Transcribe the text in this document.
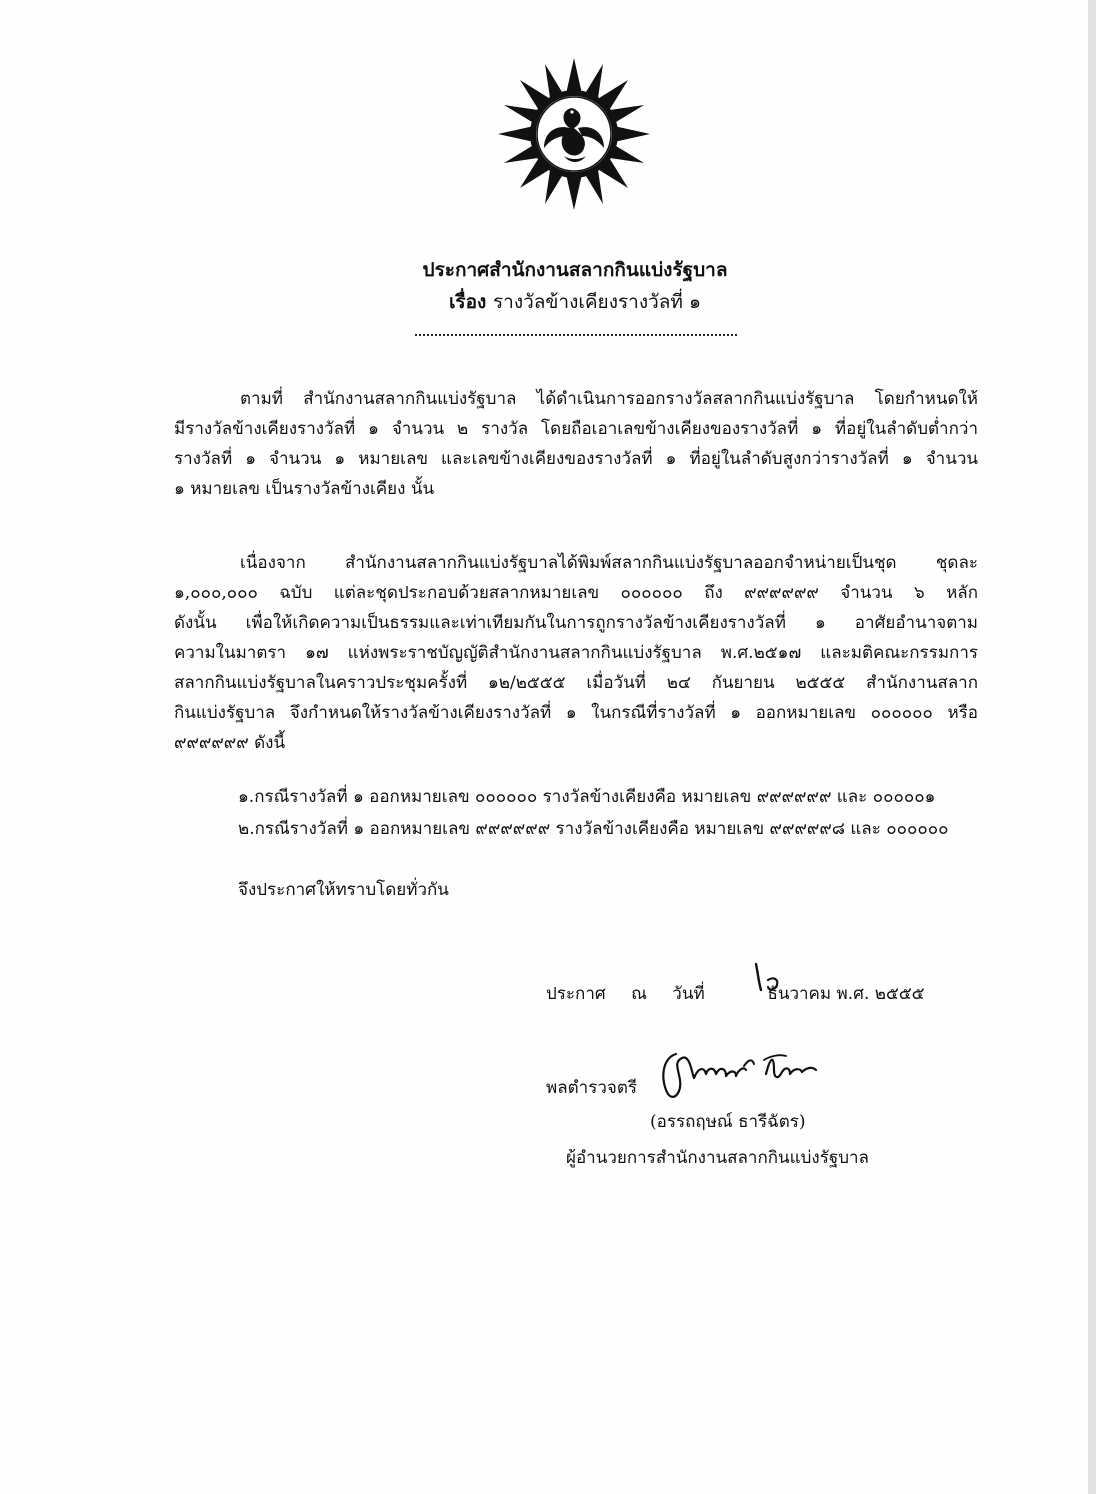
ประกาศสำนักงานสลากกินแบ่งรัฐบาล
เรื่อง รางวัลข้างเคียงรางวัลที่ ๑
ตามที่ สำนักงานสลากกินแบ่งรัฐบาล ได้ดำเนินการออกรางวัลสลากกินแบ่งรัฐบาล โดยกำหนดให้
มีรางวัลข้างเคียงรางวัลที่ ๑ จำนวน ๒ รางวัล โดยถือเอาเลขข้างเคียงของรางวัลที่ ๑ ที่อยู่ในลำดับต่ำกว่า
รางวัลที่ ๑ จำนวน ๑ หมายเลข และเลขข้างเคียงของรางวัลที่ ๑ ที่อยู่ในลำดับสูงกว่ารางวัลที่ ๑ จำนวน
๑ หมายเลข เป็นรางวัลข้างเคียง นั้น
เนื่องจาก สำนักงานสลากกินแบ่งรัฐบาลได้พิมพ์สลากกินแบ่งรัฐบาลออกจำหน่ายเป็นชุด ชุดละ
๑,๐๐๐,๐๐๐ ฉบับ แต่ละชุดประกอบด้วยสลากหมายเลข ๐๐๐๐๐๐ ถึง ๙๙๙๙๙๙ จำนวน ๖ หลัก
ดังนั้น เพื่อให้เกิดความเป็นธรรมและเท่าเทียมกันในการถูกรางวัลข้างเคียงรางวัลที่ ๑ อาศัยอำนาจตาม
ความในมาตรา ๑๗ แห่งพระราชบัญญัติสำนักงานสลากกินแบ่งรัฐบาล พ.ศ.๒๕๑๗ และมติคณะกรรมการ
สลากกินแบ่งรัฐบาลในคราวประชุมครั้งที่ ๑๒/๒๕๕๕ เมื่อวันที่ ๒๔ กันยายน ๒๕๕๕ สำนักงานสลาก
กินแบ่งรัฐบาล จึงกำหนดให้รางวัลข้างเคียงรางวัลที่ ๑ ในกรณีที่รางวัลที่ ๑ ออกหมายเลข ๐๐๐๐๐๐ หรือ
๙๙๙๙๙๙ ดังนี้
๑.กรณีรางวัลที่ ๑ ออกหมายเลข ๐๐๐๐๐๐ รางวัลข้างเคียงคือ หมายเลข ๙๙๙๙๙๙ และ ๐๐๐๐๐๑
๒.กรณีรางวัลที่ ๑ ออกหมายเลข ๙๙๙๙๙๙ รางวัลข้างเคียงคือ หมายเลข ๙๙๙๙๙๘ และ ๐๐๐๐๐๐
จึงประกาศให้ทราบโดยทั่วกัน
ประกาศ ณ วันที่	ธันวาคม พ.ศ. ๒๕๕๕
พลตำรวจตรี
(อรรถฤษณ์ ธารีฉัตร)
ผู้อำนวยการสำนักงานสลากกินแบ่งรัฐบาล
